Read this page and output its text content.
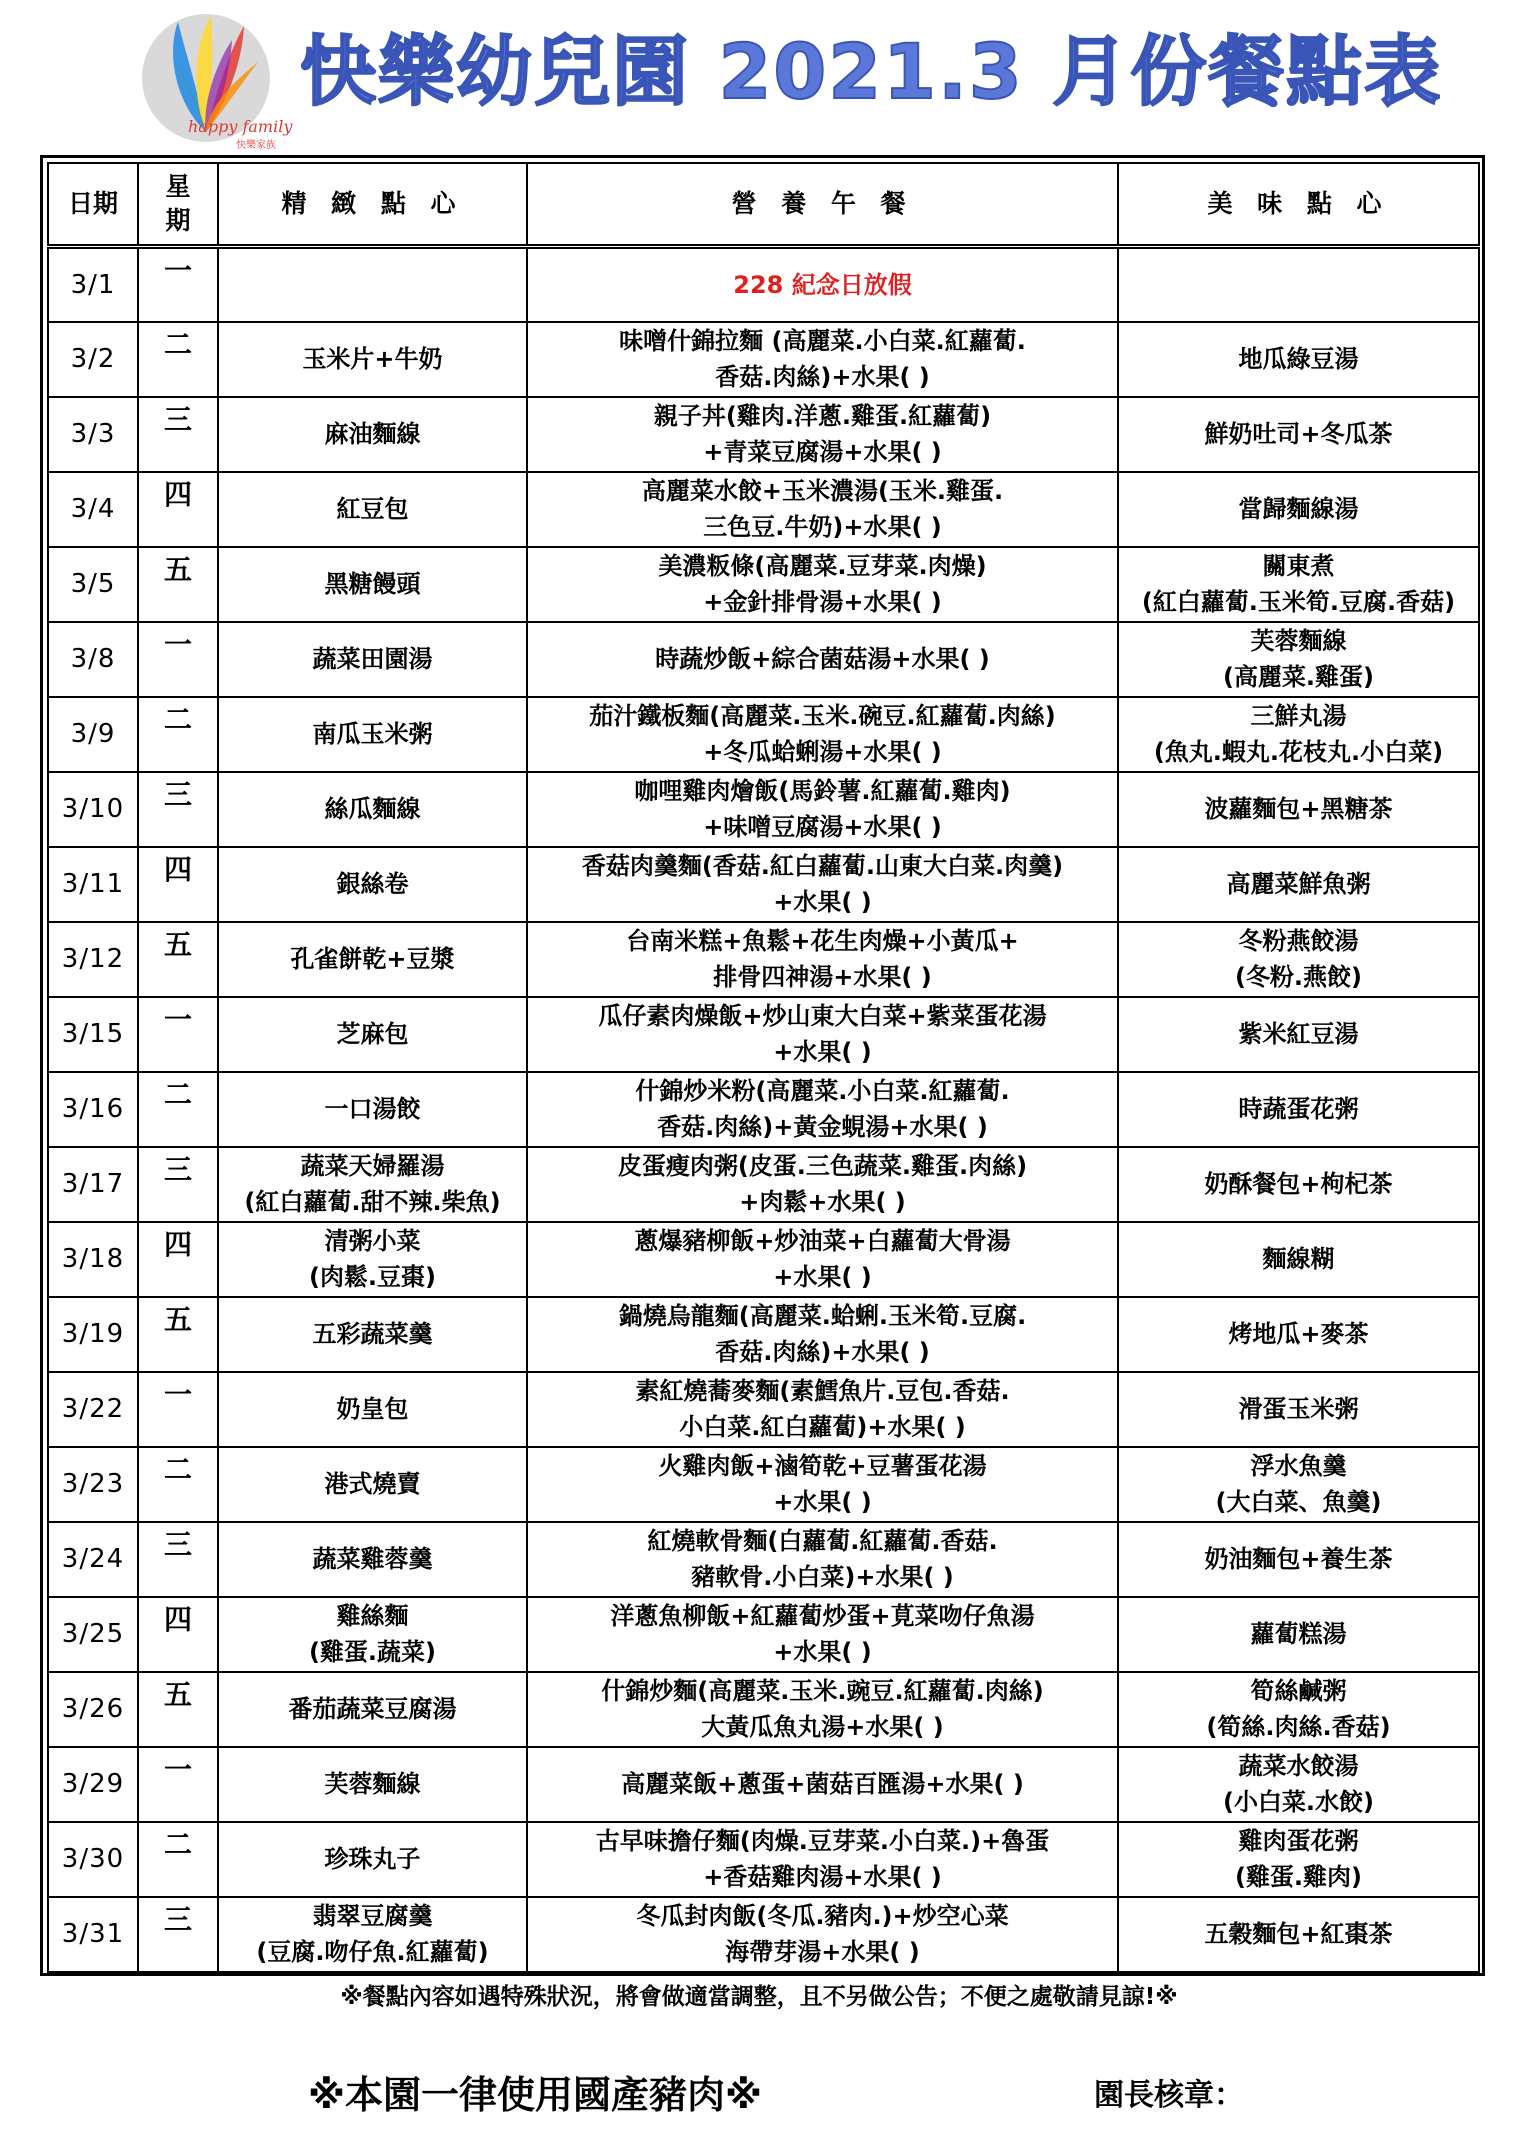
happy family
快樂家族
快樂幼兒園 2021.3 月份餐點表
日期	星
期	精 緻 點 心	營 養 午 餐	美 味 點 心
3/1	一		228 紀念日放假	
3/2	二	玉米片+牛奶	味噌什錦拉麵 (高麗菜.小白菜.紅蘿蔔.
香菇.肉絲)+水果( )	地瓜綠豆湯
3/3	三	麻油麵線	親子丼(雞肉.洋蔥.雞蛋.紅蘿蔔)
+青菜豆腐湯+水果( )	鮮奶吐司+冬瓜茶
3/4	四	紅豆包	高麗菜水餃+玉米濃湯(玉米.雞蛋.
三色豆.牛奶)+水果( )	當歸麵線湯
3/5	五	黑糖饅頭	美濃粄條(高麗菜.豆芽菜.肉燥)
+金針排骨湯+水果( )	關東煮
(紅白蘿蔔.玉米筍.豆腐.香菇)
3/8	一	蔬菜田園湯	時蔬炒飯+綜合菌菇湯+水果( )	芙蓉麵線
(高麗菜.雞蛋)
3/9	二	南瓜玉米粥	茄汁鐵板麵(高麗菜.玉米.碗豆.紅蘿蔔.肉絲)
+冬瓜蛤蜊湯+水果( )	三鮮丸湯
(魚丸.蝦丸.花枝丸.小白菜)
3/10	三	絲瓜麵線	咖哩雞肉燴飯(馬鈴薯.紅蘿蔔.雞肉)
+味噌豆腐湯+水果( )	波蘿麵包+黑糖茶
3/11	四	銀絲卷	香菇肉羹麵(香菇.紅白蘿蔔.山東大白菜.肉羹)
+水果( )	高麗菜鮮魚粥
3/12	五	孔雀餅乾+豆漿	台南米糕+魚鬆+花生肉燥+小黃瓜+
排骨四神湯+水果( )	冬粉燕餃湯
(冬粉.燕餃)
3/15	一	芝麻包	瓜仔素肉燥飯+炒山東大白菜+紫菜蛋花湯
+水果( )	紫米紅豆湯
3/16	二	一口湯餃	什錦炒米粉(高麗菜.小白菜.紅蘿蔔.
香菇.肉絲)+黃金蜆湯+水果( )	時蔬蛋花粥
3/17	三	蔬菜天婦羅湯
(紅白蘿蔔.甜不辣.柴魚)	皮蛋瘦肉粥(皮蛋.三色蔬菜.雞蛋.肉絲)
+肉鬆+水果( )	奶酥餐包+枸杞茶
3/18	四	清粥小菜
(肉鬆.豆棗)	蔥爆豬柳飯+炒油菜+白蘿蔔大骨湯
+水果( )	麵線糊
3/19	五	五彩蔬菜羹	鍋燒烏龍麵(高麗菜.蛤蜊.玉米筍.豆腐.
香菇.肉絲)+水果( )	烤地瓜+麥茶
3/22	一	奶皇包	素紅燒蕎麥麵(素鱈魚片.豆包.香菇.
小白菜.紅白蘿蔔)+水果( )	滑蛋玉米粥
3/23	二	港式燒賣	火雞肉飯+滷筍乾+豆薯蛋花湯
+水果( )	浮水魚羹
(大白菜、魚羹)
3/24	三	蔬菜雞蓉羹	紅燒軟骨麵(白蘿蔔.紅蘿蔔.香菇.
豬軟骨.小白菜)+水果( )	奶油麵包+養生茶
3/25	四	雞絲麵
(雞蛋.蔬菜)	洋蔥魚柳飯+紅蘿蔔炒蛋+莧菜吻仔魚湯
+水果( )	蘿蔔糕湯
3/26	五	番茄蔬菜豆腐湯	什錦炒麵(高麗菜.玉米.豌豆.紅蘿蔔.肉絲)
大黃瓜魚丸湯+水果( )	筍絲鹹粥
(筍絲.肉絲.香菇)
3/29	一	芙蓉麵線	高麗菜飯+蔥蛋+菌菇百匯湯+水果( )	蔬菜水餃湯
(小白菜.水餃)
3/30	二	珍珠丸子	古早味擔仔麵(肉燥.豆芽菜.小白菜.)+魯蛋
+香菇雞肉湯+水果( )	雞肉蛋花粥
(雞蛋.雞肉)
3/31	三	翡翠豆腐羹
(豆腐.吻仔魚.紅蘿蔔)	冬瓜封肉飯(冬瓜.豬肉.)+炒空心菜
海帶芽湯+水果( )	五穀麵包+紅棗茶
※餐點內容如遇特殊狀況，將會做適當調整，且不另做公告；不便之處敬請見諒!※
※本園一律使用國產豬肉※	園長核章：
